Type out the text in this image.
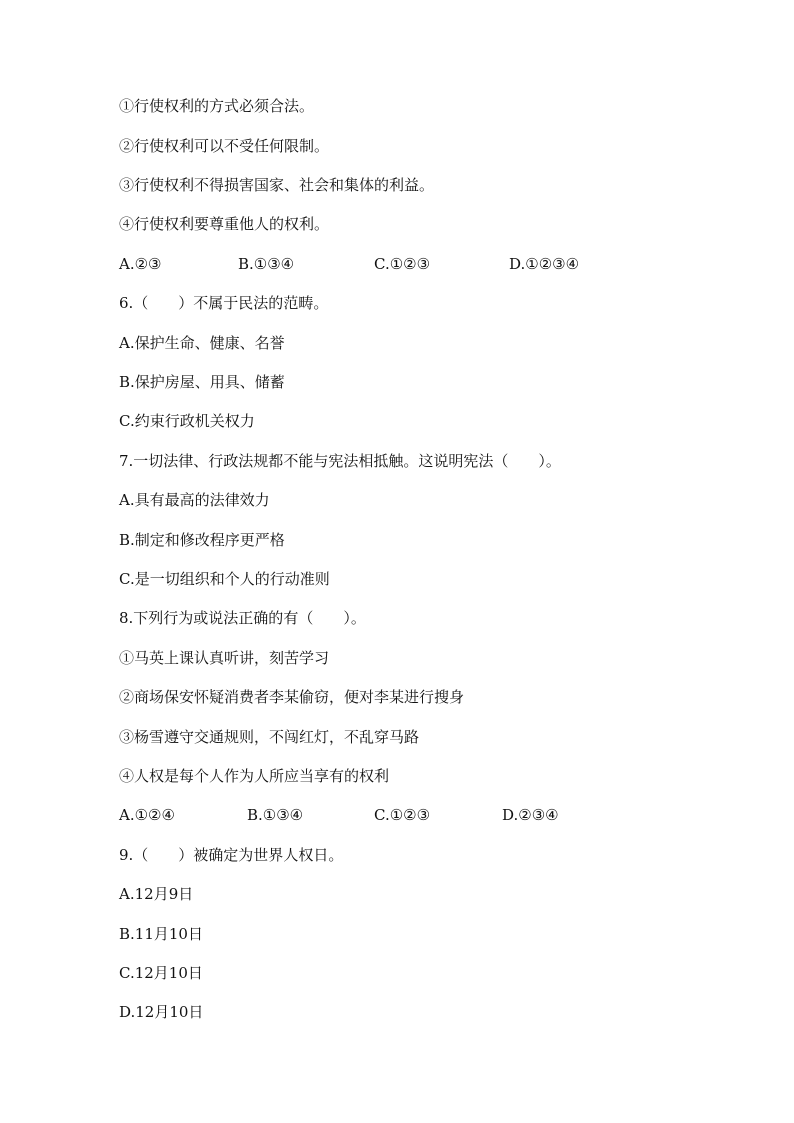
①行使权利的方式必须合法。
②行使权利可以不受任何限制。
③行使权利不得损害国家、社会和集体的利益。
④行使权利要尊重他人的权利。
A.②③	B.①③④	C.①②③	D.①②③④
6.（　　）不属于民法的范畴。
A.保护生命、健康、名誉
B.保护房屋、用具、储蓄
C.约束行政机关权力
7.一切法律、行政法规都不能与宪法相抵触。这说明宪法（　　）。
A.具有最高的法律效力
B.制定和修改程序更严格
C.是一切组织和个人的行动准则
8.下列行为或说法正确的有（　　）。
①马英上课认真听讲，刻苦学习
②商场保安怀疑消费者李某偷窃，便对李某进行搜身
③杨雪遵守交通规则，不闯红灯，不乱穿马路
④人权是每个人作为人所应当享有的权利
A.①②④	B.①③④	C.①②③	D.②③④
9.（　　）被确定为世界人权日。
A.12月9日
B.11月10日
C.12月10日
D.12月10日
